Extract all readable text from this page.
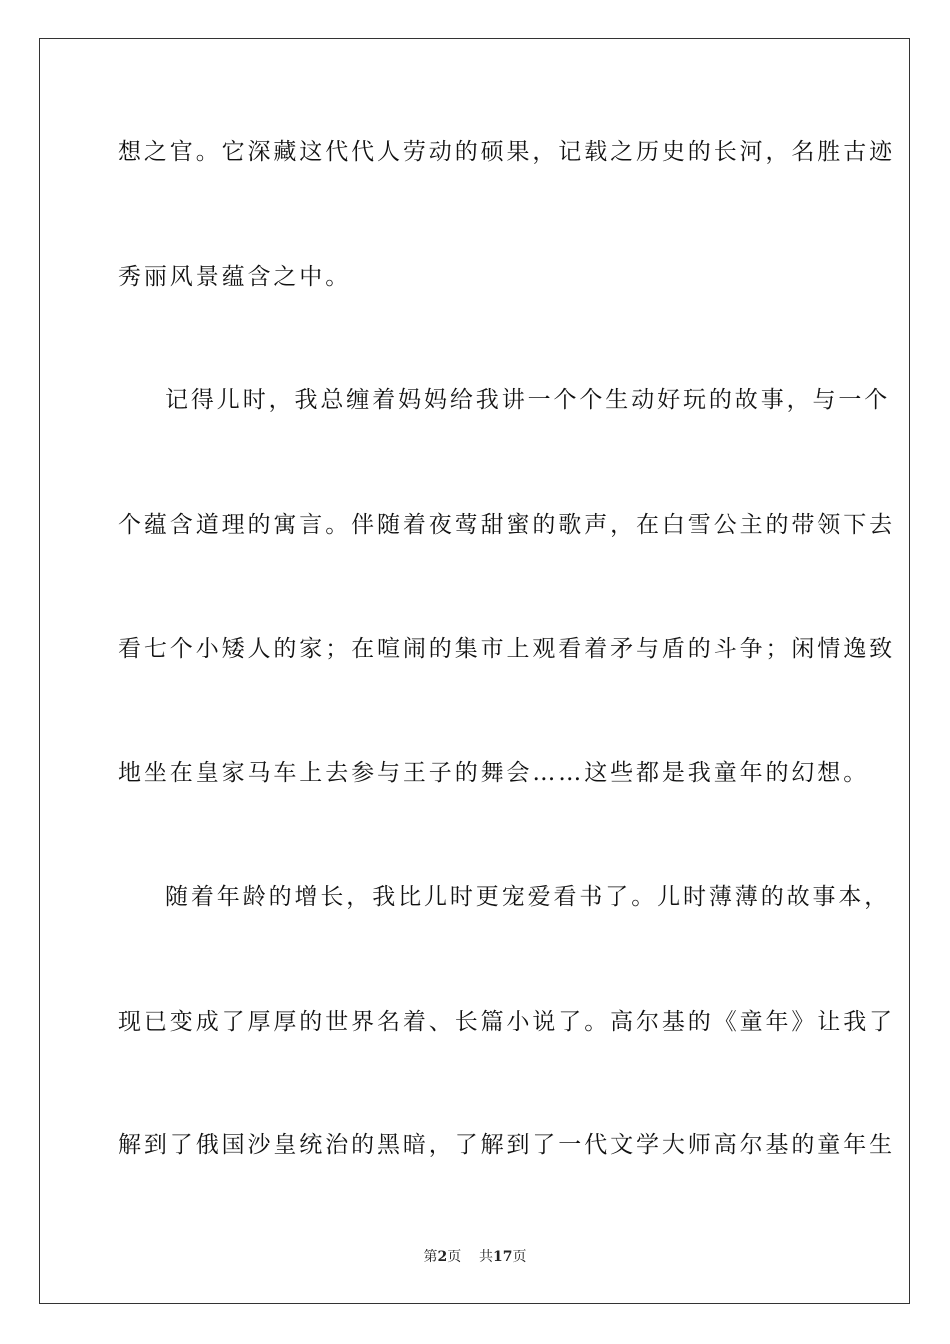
想之官。它深藏这代代人劳动的硕果，记载之历史的长河，名胜古迹
秀丽风景蕴含之中。
记得儿时，我总缠着妈妈给我讲一个个生动好玩的故事，与一个
个蕴含道理的寓言。伴随着夜莺甜蜜的歌声，在白雪公主的带领下去
看七个小矮人的家；在喧闹的集市上观看着矛与盾的斗争；闲情逸致
地坐在皇家马车上去参与王子的舞会……这些都是我童年的幻想。
随着年龄的增长，我比儿时更宠爱看书了。儿时薄薄的故事本，
现已变成了厚厚的世界名着、长篇小说了。高尔基的《童年》让我了
解到了俄国沙皇统治的黑暗，了解到了一代文学大师高尔基的童年生
第2页 共17页
